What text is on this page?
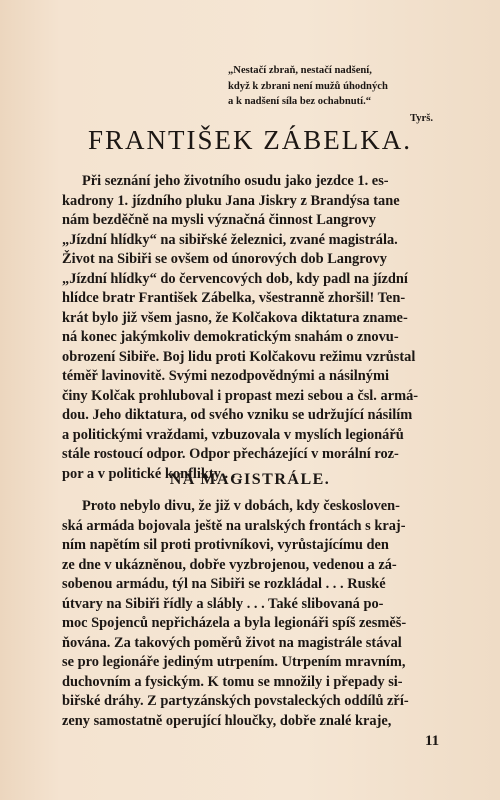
„Nestačí zbraň, nestačí nadšení,
když k zbrani není mužů úhodných
a k nadšení síla bez ochabnutí.“
Tyrš.
FRANTIŠEK ZÁBELKA.
Při seznání jeho životního osudu jako jezdce 1. es-
kadrony 1. jízdního pluku Jana Jiskry z Brandýsa tane
nám bezděčně na mysli význačná činnost Langrovy
„Jízdní hlídky“ na sibiřské železnici, zvané magistrála.
Život na Sibiři se ovšem od únorových dob Langrovy
„Jízdní hlídky“ do červencových dob, kdy padl na jízdní
hlídce bratr František Zábelka, všestranně zhoršil! Ten-
krát bylo již všem jasno, že Kolčakova diktatura zname-
ná konec jakýmkoliv demokratickým snahám o znovu-
obrození Sibiře. Boj lidu proti Kolčakovu režimu vzrůstal
téměř lavinovitě. Svými nezodpovědnými a násilnými
činy Kolčak prohluboval i propast mezi sebou a čsl. armá-
dou. Jeho diktatura, od svého vzniku se udržující násilím
a politickými vraždami, vzbuzovala v myslích legionářů
stále rostoucí odpor. Odpor přecházející v morální roz-
por a v politické konflikty . . .
NA MAGISTRÁLE.
Proto nebylo divu, že již v dobách, kdy českosloven-
ská armáda bojovala ještě na uralských frontách s kraj-
ním napětím sil proti protivníkovi, vyrůstajícímu den
ze dne v ukázněnou, dobře vyzbrojenou, vedenou a zá-
sobenou armádu, týl na Sibiři se rozkládal . . . Ruské
útvary na Sibiři řídly a slábly . . . Také slibovaná po-
moc Spojenců nepřicházela a byla legionáři spíš zesměš-
ňována. Za takových poměrů život na magistrále stával
se pro legionáře jediným utrpením. Utrpením mravním,
duchovním a fysickým. K tomu se množily i přepady si-
biřské dráhy. Z partyzánských povstaleckých oddílů zří-
zeny samostatně operující hloučky, dobře znalé kraje,
11
